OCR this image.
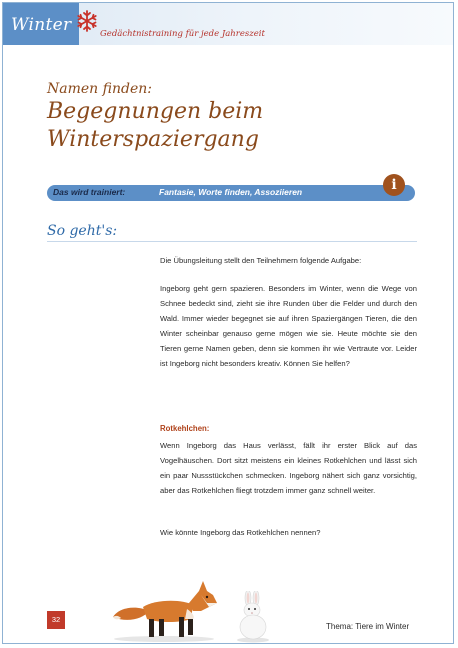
Winter	Gedächtnistraining für jede Jahreszeit
Namen finden:
Begegnungen beim Winterspaziergang
Das wird trainiert:	Fantasie, Worte finden, Assoziieren	i
So geht's:
Die Übungsleitung stellt den Teilnehmern folgende Aufgabe:
Ingeborg geht gern spazieren. Besonders im Winter, wenn die Wege von Schnee bedeckt sind, zieht sie ihre Runden über die Felder und durch den Wald. Immer wieder begegnet sie auf ihren Spaziergängen Tieren, die den Winter scheinbar genauso gerne mögen wie sie. Heute möchte sie den Tieren gerne Namen geben, denn sie kommen ihr wie Vertraute vor. Leider ist Ingeborg nicht besonders kreativ. Können Sie helfen?
Rotkehlchen:
Wenn Ingeborg das Haus verlässt, fällt ihr erster Blick auf das Vogelhäuschen. Dort sitzt meistens ein kleines Rotkehlchen und lässt sich ein paar Nussstückchen schmecken. Ingeborg nähert sich ganz vorsichtig, aber das Rotkehlchen fliegt trotzdem immer ganz schnell weiter.
Wie könnte Ingeborg das Rotkehlchen nennen?
32
Thema: Tiere im Winter
